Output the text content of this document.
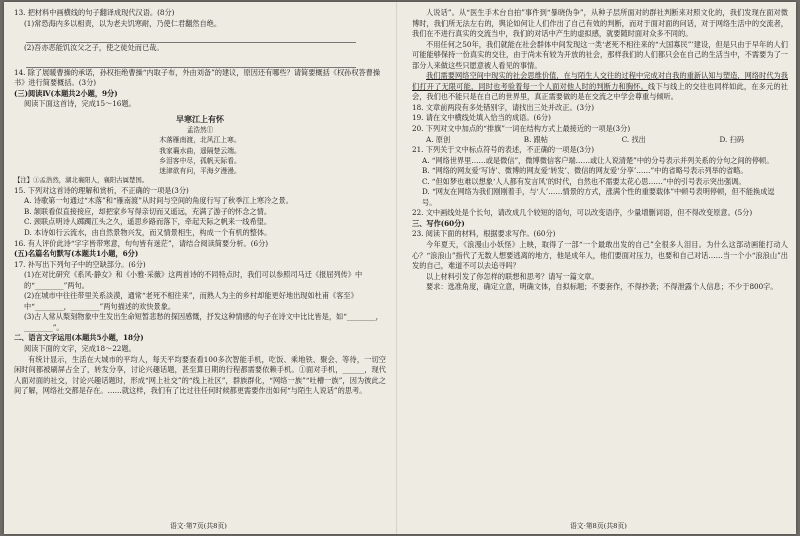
13. 把材料中画横线的句子翻译成现代汉语。(8分)

(1)常恐海内多以相责，以为老夫饥寒耐，乃使仁君翻然自绝。

(2)吾亦恶能饥汝父之子，使之徒处而已哉。

14. 除了展暖曹操的承诺，孙权拒绝曹操“内取子布，外由刘备”的建议，原因还有哪些？请简要概括《权孙权答曹操书》进行简要概括。(3分)

(三)阅读Ⅳ(本题共2小题，9分)

阅读下面这首诗，完成15～16题。

早寒江上有怀

孟浩然①

木落雁南渡，北风江上寒。

我家襄水曲，遥隔楚云端。

乡泪客中尽，孤帆天际看。

迷津欲有问，平海夕漫漫。

【注】①孟浩然，湖北襄阳人，襄阳古属楚国。

15. 下列对这首诗的理解和赏析，不正确的一项是(3分)

A. 诗歌第一句通过“木落”和“雁南渡”从时间与空间的角度行写了秋季江上寒冷之景。

B. 颔联看似直接接应，却把家乡写得亲切而又遥远，充满了游子的怀念之情。

C. 颈联点明诗人踯躅江头之久，遥思乡路而落下，牵起天际之帆来一线希望。

D. 本诗如行云流水，由自然景物兴发，而又情景相生，构成一个有机的整体。

16. 有人评价此诗“字字皆带寒意，句句皆有迷茫”，请结合阅读简要分析。(6分)

(五)名篇名句默写(本题共1小题，6分)

17. 补写出下列句子中的空缺部分。(6分)

(1)在对比研究《系风·静女》和《小雅·采薇》这两首诗的不同特点时，我们可以参照司马迁《报屈列传》中的“________”两句。

(2)在城市中往往带里关系淡漠，通常“老死不相往来”，而熟人为主的乡村却能更好地出现如杜甫《客至》中“________，________”两句描述的欢快景象。

(3)古人常从梨刻物象中生发出生命短暂悲愁的探因感慨，抒发这种情感的句子在诗文中比比皆是，如“________，________”。

二、语言文字运用(本题共5小题，18分)

阅读下面的文字，完成18～22题。

有统计显示，生活在大城市的平均人，每天平均要查看100多次智能手机，吃饭、乘地铁、聚会、等待，一切空闲时间都被刷屏占全了，转发分享，讨论兴趣话题，甚至算日期的行程都需要依赖手机。①面对手机，______，现代人面对面的社交，讨论兴趣话题时，形成“网上社交”的“线上社区”，群族群化，“网络一族”“吐槽一族”，因为彼此之间了解，网络社交都是存在。……就这样，我们有了比过往任何时候都更需要作出如何“与陌生人说话”的思考。

人说话”。从“医生手术台自拍”事件到“暴晓伪争”，从种子层所面对的群社判断来对照文化的，我们发现在面对微博时，我们所无法左右的，舆论如何让人们作出了自己有效的判断，而对于面对面的问话，对于网络生活中的交流者，我们在不进行真实的交流当中，我们的对话中产生的虚拟感，就要随时面对众多不同的。

不用任何之50年，我们就能在社会群体中间发现这一类‘老死不相往来的“大国寡民”’建设，但是只由于早年的人们可能能够保持一份真实的交往，由于尚未有较为开放的社会，那样我们的人们都只会在自己的生活当中，不需要为了一部分人来做这些只愿意被人看见的事情。

我们需要网络空间中现实的社会思维价值，在与陌生人交往的过程中完成对自我的重新认知与塑造，网络时代为我们打开了无限可能，同时也考验着每一个人面对他人时的判断力和胸怀。线下与线上的交往也同样如此，在多元的社会，我们也不能只是在自己的世界里，真正需要做的是在交流之中学会尊重与倾听。

18. 文章前两段有多处错别字，请找出三处并改正。(3分)

19. 请在文中横线处填入恰当的成语。(6分)

20. 下列对文中加点的“排旗”一词在结构方式上最接近的一项是(3分)

A. 原创	B. 跟帖	C. 找出	D. 扫码

21. 下列关于文中标点符号的表述，不正确的一项是(3分)

A. “网络世界里……或是微信”，微博微信客户端……或让人说清楚”中的分号表示并列关系的分句之间的停顿。

B. “网络的网友爱‘写诗’、微博的网友爱‘转发’、微信的网友爱‘分享’……”中的省略号表示列举的省略。

C. “但如梦也难以想象‘人人都有发言风’的时代，自然也不需要太花心思……”中的引号表示突出强调。

D. “网友在网络为我们刚刚着手，与‘人’……情景的方式，涨满个性的重要载体”中顿号表明停顿，但不能换成逗号。

22. 文中画线处是个长句，请改成几个较短的语句，可以改变语序，少量增删词语，但不得改变原意。(5分)

三、写作(60分)

23. 阅读下面的材料，根据要求写作。(60分)

今年夏天，《浪漫山小妖怪》上映，取得了一部“一个最敢出发的自己”全很多人泪目。为什么这部动画能打动人心？“浪浪山”指代了无数人想要逃离的地方，他是成年人，他们要面对压力，也要和自己对话……当一个小“浪浪山”出发的自己，难道不可以去追寻吗？

以上材料引发了你怎样的联想和思考？请写一篇文章。

要求：选准角度，确定立意，明确文体，自拟标题；不要套作，不得抄袭；不得泄露个人信息；不少于800字。

语文·第7页(共8页)	语文·第8页(共8页)
